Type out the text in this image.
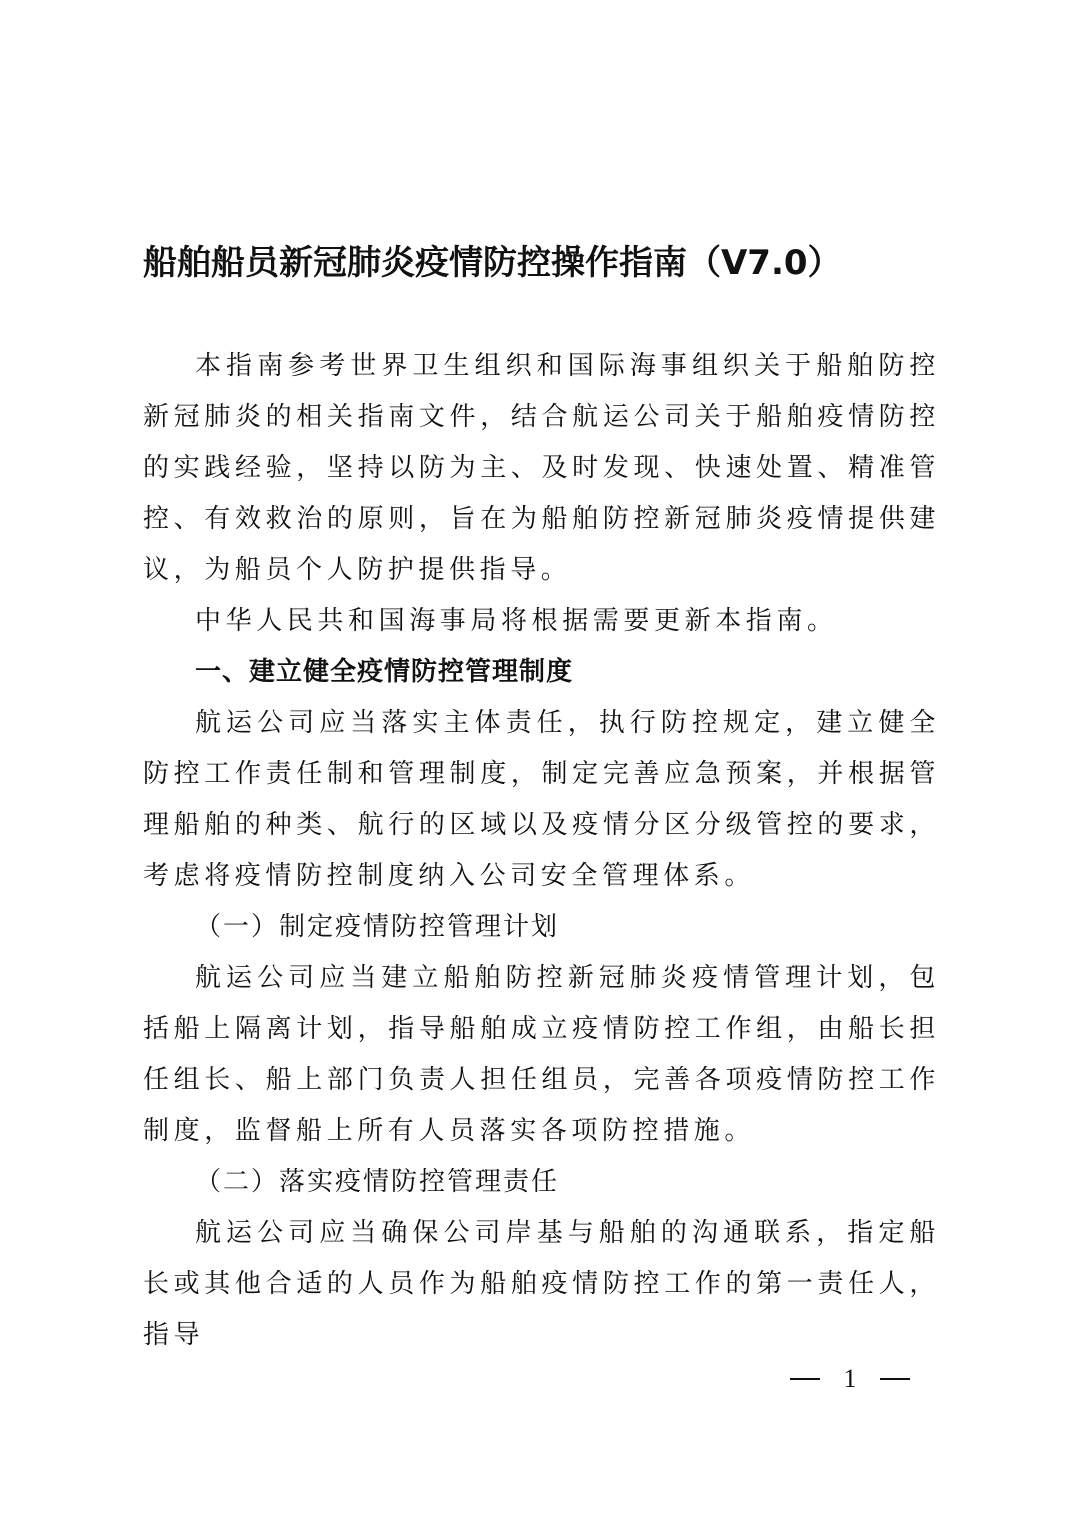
船舶船员新冠肺炎疫情防控操作指南（V7.0）

本指南参考世界卫生组织和国际海事组织关于船舶防控新冠肺炎的相关指南文件，结合航运公司关于船舶疫情防控的实践经验，坚持以防为主、及时发现、快速处置、精准管控、有效救治的原则，旨在为船舶防控新冠肺炎疫情提供建议，为船员个人防护提供指导。

中华人民共和国海事局将根据需要更新本指南。

一、建立健全疫情防控管理制度

航运公司应当落实主体责任，执行防控规定，建立健全防控工作责任制和管理制度，制定完善应急预案，并根据管理船舶的种类、航行的区域以及疫情分区分级管控的要求，考虑将疫情防控制度纳入公司安全管理体系。

（一）制定疫情防控管理计划

航运公司应当建立船舶防控新冠肺炎疫情管理计划，包括船上隔离计划，指导船舶成立疫情防控工作组，由船长担任组长、船上部门负责人担任组员，完善各项疫情防控工作制度，监督船上所有人员落实各项防控措施。

（二）落实疫情防控管理责任

航运公司应当确保公司岸基与船舶的沟通联系，指定船长或其他合适的人员作为船舶疫情防控工作的第一责任人，指导

1
